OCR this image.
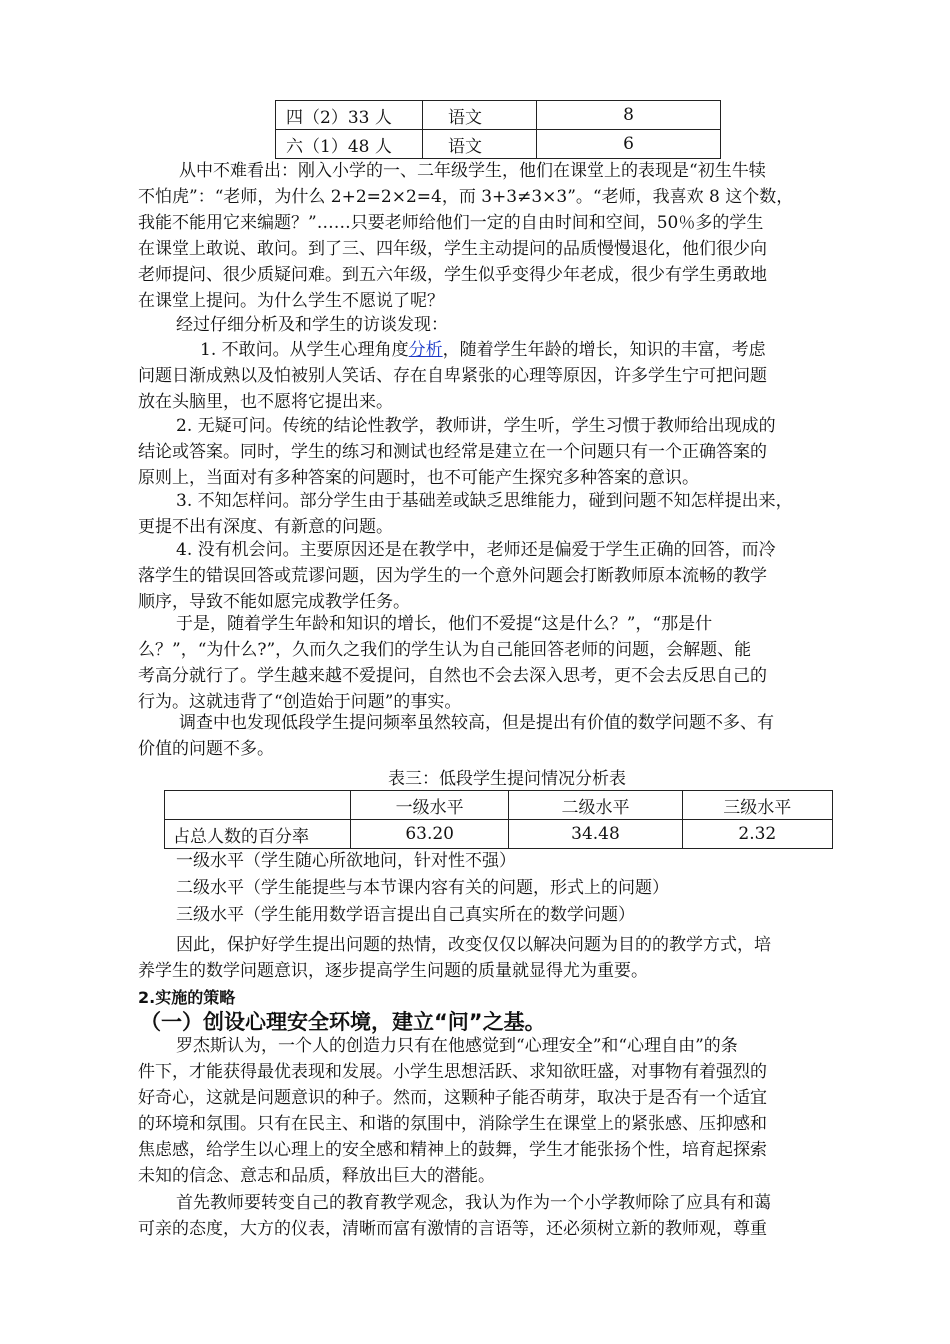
四（2）33 人	语文	8
六（1）48 人	语文	6
从中不难看出：刚入小学的一、二年级学生，他们在课堂上的表现是“初生牛犊
不怕虎”：“老师，为什么 2+2=2×2=4，而 3+3≠3×3”。“老师，我喜欢 8 这个数，
我能不能用它来编题？”……只要老师给他们一定的自由时间和空间，50％多的学生
在课堂上敢说、敢问。到了三、四年级，学生主动提问的品质慢慢退化，他们很少向
老师提问、很少质疑问难。到五六年级，学生似乎变得少年老成，很少有学生勇敢地
在课堂上提问。为什么学生不愿说了呢？
经过仔细分析及和学生的访谈发现：
1. 不敢问。从学生心理角度分析，随着学生年龄的增长，知识的丰富，考虑
问题日渐成熟以及怕被别人笑话、存在自卑紧张的心理等原因，许多学生宁可把问题
放在头脑里，也不愿将它提出来。
2. 无疑可问。传统的结论性教学，教师讲，学生听，学生习惯于教师给出现成的
结论或答案。同时，学生的练习和测试也经常是建立在一个问题只有一个正确答案的
原则上，当面对有多种答案的问题时，也不可能产生探究多种答案的意识。
3. 不知怎样问。部分学生由于基础差或缺乏思维能力，碰到问题不知怎样提出来，
更提不出有深度、有新意的问题。
4. 没有机会问。主要原因还是在教学中，老师还是偏爱于学生正确的回答，而冷
落学生的错误回答或荒谬问题，因为学生的一个意外问题会打断教师原本流畅的教学
顺序，导致不能如愿完成教学任务。
于是，随着学生年龄和知识的增长，他们不爱提“这是什么？”，“那是什
么？”，“为什么?”，久而久之我们的学生认为自己能回答老师的问题，会解题、能
考高分就行了。学生越来越不爱提问，自然也不会去深入思考，更不会去反思自己的
行为。这就违背了“创造始于问题”的事实。
调查中也发现低段学生提问频率虽然较高，但是提出有价值的数学问题不多、有
价值的问题不多。
表三：低段学生提问情况分析表
	一级水平	二级水平	三级水平
占总人数的百分率	63.20	34.48	2.32
一级水平（学生随心所欲地问，针对性不强）
二级水平（学生能提些与本节课内容有关的问题，形式上的问题）
三级水平（学生能用数学语言提出自己真实所在的数学问题）
因此，保护好学生提出问题的热情，改变仅仅以解决问题为目的的教学方式，培
养学生的数学问题意识，逐步提高学生问题的质量就显得尤为重要。
2.实施的策略
（一）创设心理安全环境，建立“问”之基。
罗杰斯认为，一个人的创造力只有在他感觉到“心理安全”和“心理自由”的条
件下，才能获得最优表现和发展。小学生思想活跃、求知欲旺盛，对事物有着强烈的
好奇心，这就是问题意识的种子。然而，这颗种子能否萌芽，取决于是否有一个适宜
的环境和氛围。只有在民主、和谐的氛围中，消除学生在课堂上的紧张感、压抑感和
焦虑感，给学生以心理上的安全感和精神上的鼓舞，学生才能张扬个性，培育起探索
未知的信念、意志和品质，释放出巨大的潜能。
首先教师要转变自己的教育教学观念，我认为作为一个小学教师除了应具有和蔼
可亲的态度，大方的仪表，清晰而富有激情的言语等，还必须树立新的教师观，尊重
